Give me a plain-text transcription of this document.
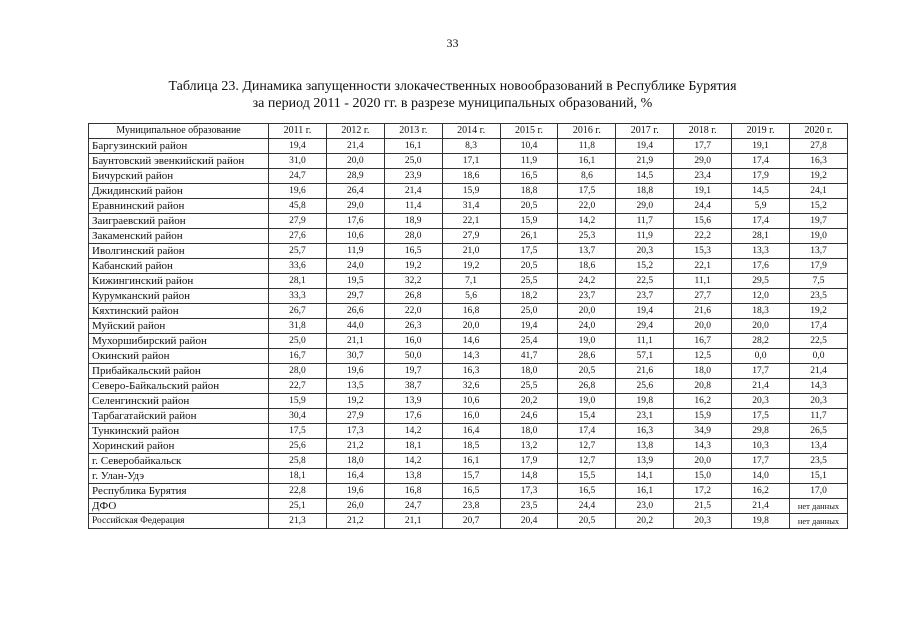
33
Таблица 23. Динамика запущенности злокачественных новообразований в Республике Бурятия
за период 2011 - 2020 гг. в разрезе муниципальных образований, %
Муниципальное образование	2011 г.	2012 г.	2013 г.	2014 г.	2015 г.	2016 г.	2017 г.	2018 г.	2019 г.	2020 г.
Баргузинский район	19,4	21,4	16,1	8,3	10,4	11,8	19,4	17,7	19,1	27,8
Баунтовский эвенкийский район	31,0	20,0	25,0	17,1	11,9	16,1	21,9	29,0	17,4	16,3
Бичурский район	24,7	28,9	23,9	18,6	16,5	8,6	14,5	23,4	17,9	19,2
Джидинский район	19,6	26,4	21,4	15,9	18,8	17,5	18,8	19,1	14,5	24,1
Еравнинский район	45,8	29,0	11,4	31,4	20,5	22,0	29,0	24,4	5,9	15,2
Заиграевский район	27,9	17,6	18,9	22,1	15,9	14,2	11,7	15,6	17,4	19,7
Закаменский район	27,6	10,6	28,0	27,9	26,1	25,3	11,9	22,2	28,1	19,0
Иволгинский район	25,7	11,9	16,5	21,0	17,5	13,7	20,3	15,3	13,3	13,7
Кабанский район	33,6	24,0	19,2	19,2	20,5	18,6	15,2	22,1	17,6	17,9
Кижингинский район	28,1	19,5	32,2	7,1	25,5	24,2	22,5	11,1	29,5	7,5
Курумканский район	33,3	29,7	26,8	5,6	18,2	23,7	23,7	27,7	12,0	23,5
Кяхтинский район	26,7	26,6	22,0	16,8	25,0	20,0	19,4	21,6	18,3	19,2
Муйский район	31,8	44,0	26,3	20,0	19,4	24,0	29,4	20,0	20,0	17,4
Мухоршибирский район	25,0	21,1	16,0	14,6	25,4	19,0	11,1	16,7	28,2	22,5
Окинский район	16,7	30,7	50,0	14,3	41,7	28,6	57,1	12,5	0,0	0,0
Прибайкальский район	28,0	19,6	19,7	16,3	18,0	20,5	21,6	18,0	17,7	21,4
Северо-Байкальский район	22,7	13,5	38,7	32,6	25,5	26,8	25,6	20,8	21,4	14,3
Селенгинский район	15,9	19,2	13,9	10,6	20,2	19,0	19,8	16,2	20,3	20,3
Тарбагатайский район	30,4	27,9	17,6	16,0	24,6	15,4	23,1	15,9	17,5	11,7
Тункинский район	17,5	17,3	14,2	16,4	18,0	17,4	16,3	34,9	29,8	26,5
Хоринский район	25,6	21,2	18,1	18,5	13,2	12,7	13,8	14,3	10,3	13,4
г. Северобайкальск	25,8	18,0	14,2	16,1	17,9	12,7	13,9	20,0	17,7	23,5
г. Улан-Удэ	18,1	16,4	13,8	15,7	14,8	15,5	14,1	15,0	14,0	15,1
Республика Бурятия	22,8	19,6	16,8	16,5	17,3	16,5	16,1	17,2	16,2	17,0
ДФО	25,1	26,0	24,7	23,8	23,5	24,4	23,0	21,5	21,4	нет данных
Российская Федерация	21,3	21,2	21,1	20,7	20,4	20,5	20,2	20,3	19,8	нет данных
